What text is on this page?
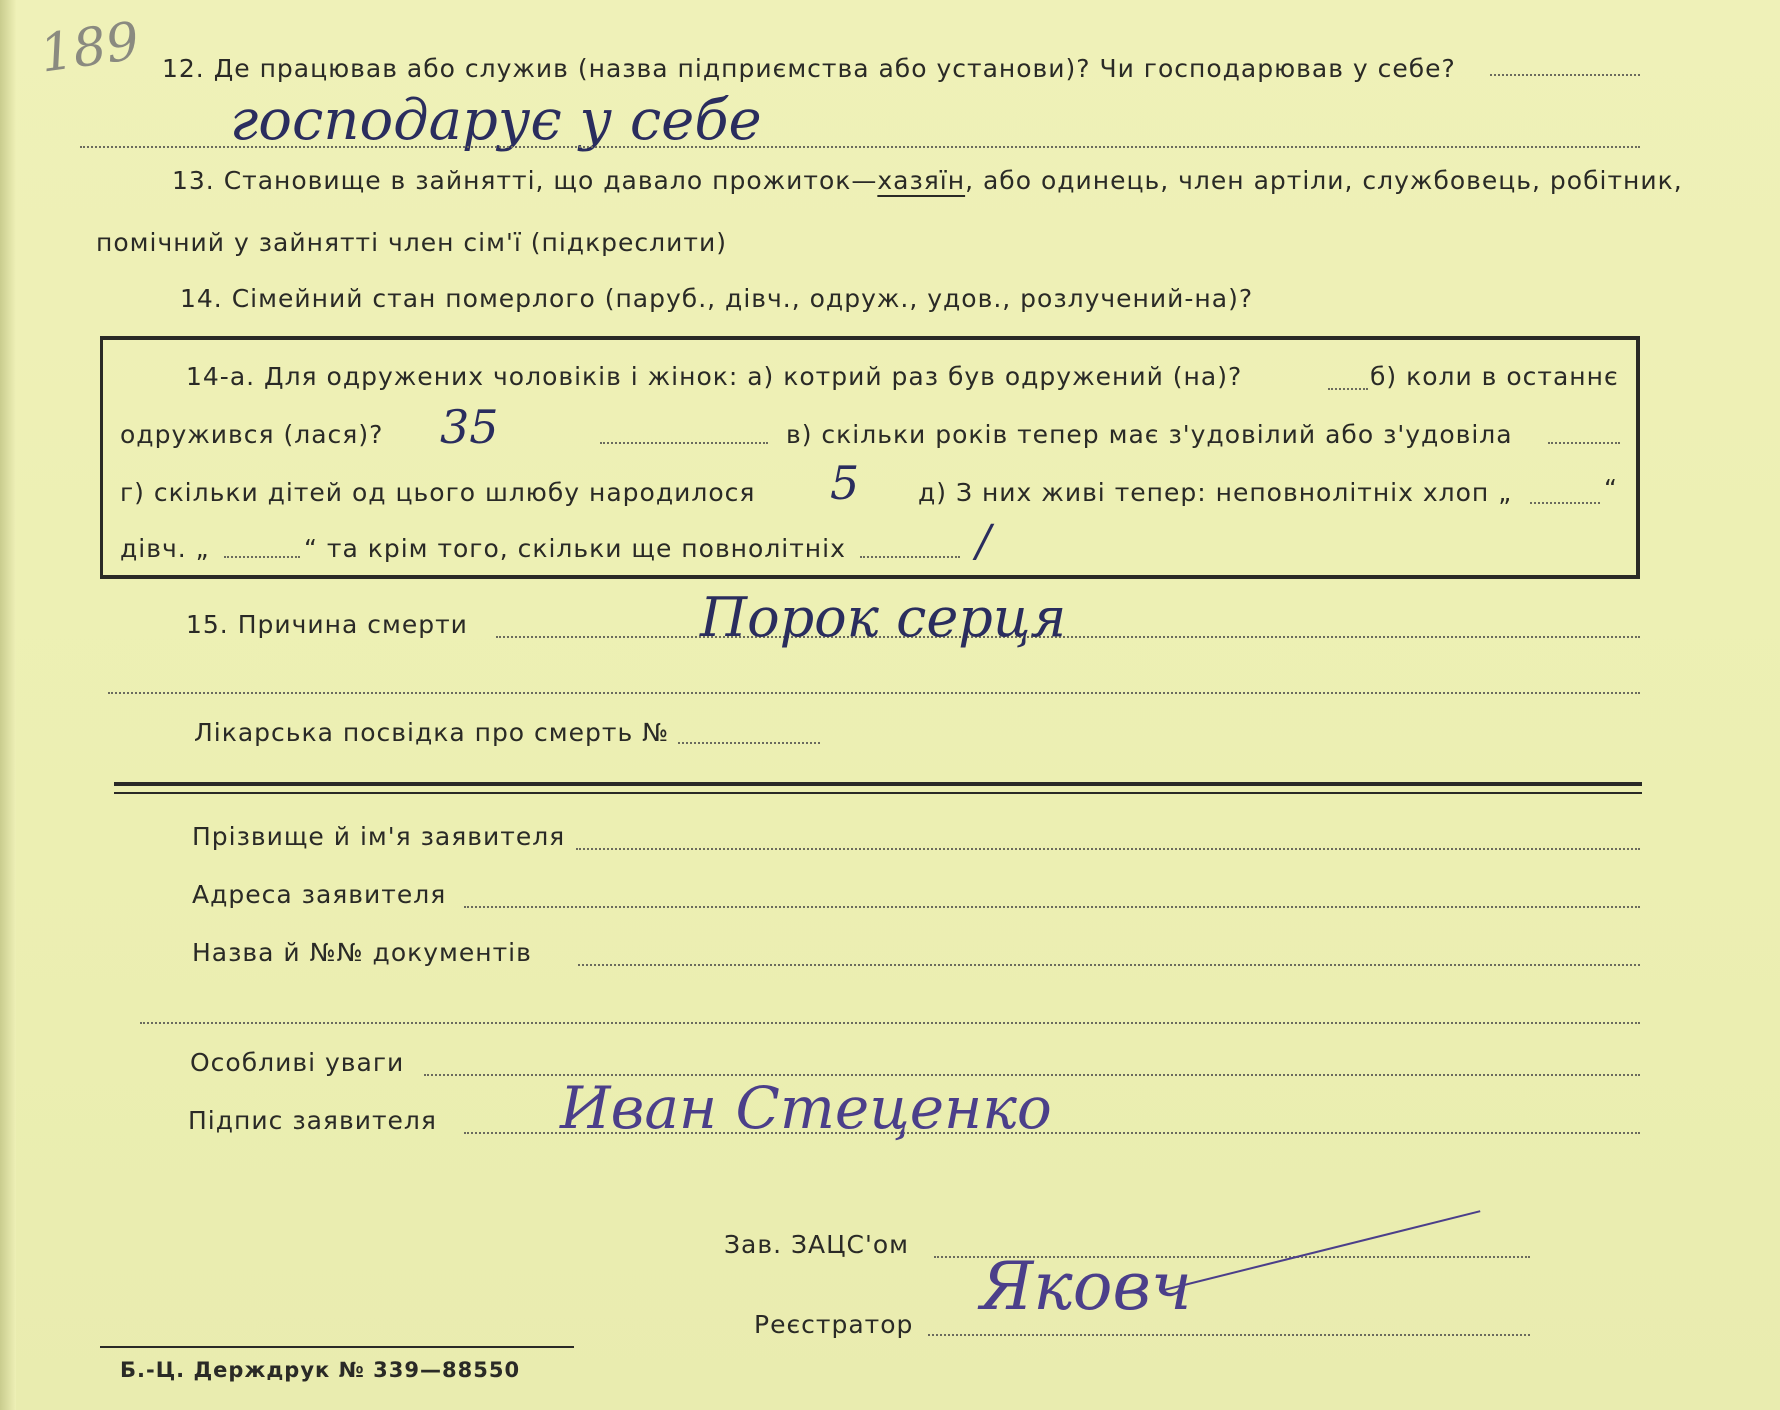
189 12. Де працював або служив (назва підприємства або установи)? Чи господарював у себе?
господарує у себе
13. Становище в зайнятті, що давало прожиток—хазяїн, або одинець, член артіли, службовець, робітник,
помічний у зайнятті член сім'ї (підкреслити)
14. Сімейний стан померлого (паруб., дівч., одруж., удов., розлучений-на)?
14-а. Для одружених чоловіків і жінок: а) котрий раз був одружений (на)?	б) коли в останнє
одружився (лася)? 35	в) скільки років тепер має з'удовілий або з'удовіла
г) скільки дітей од цього шлюбу народилося 5 д) З них живі тепер: неповнолітніх хлоп „	“
дівч. „	“ та крім того, скільки ще повнолітніх	/
15. Причина смерти	Порок серця
Лікарська посвідка про смерть №
Прізвище й ім'я заявителя
Адреса заявителя
Назва й №№ документів
Особливі уваги
Підпис заявителя Иван Стеценко
Зав. ЗАЦС'ом
Реєстратор Яковч
Б.-Ц. Держдрук № 339—88550
